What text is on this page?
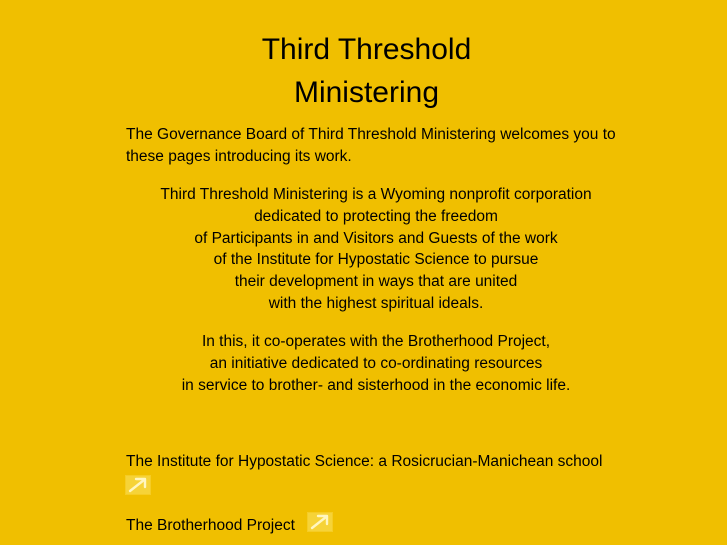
Third Threshold
Ministering
The Governance Board of Third Threshold Ministering welcomes you to these pages introducing its work.
Third Threshold Ministering is a Wyoming nonprofit corporation
dedicated to protecting the freedom
of Participants in and Visitors and Guests of the work
of the Institute for Hypostatic Science to pursue
their development in ways that are united
with the highest spiritual ideals.
In this, it co-operates with the Brotherhood Project,
an initiative dedicated to co-ordinating resources
in service to brother- and sisterhood in the economic life.
The Institute for Hypostatic Science: a Rosicrucian-Manichean school
The Brotherhood Project
